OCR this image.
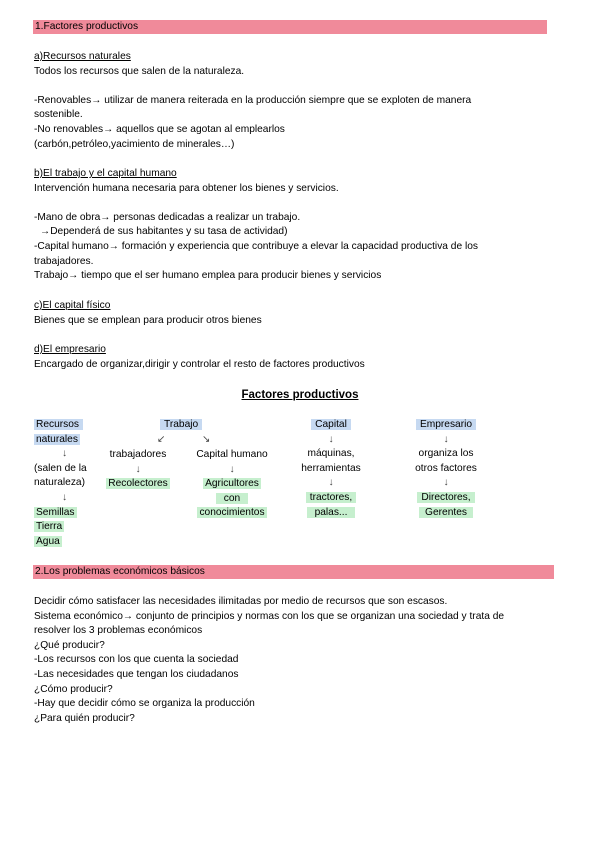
1.Factores productivos
a)Recursos naturales
Todos los recursos que salen de la naturaleza.
-Renovables→ utilizar de manera reiterada en la producción siempre que se exploten de manera
sostenible.
-No renovables→ aquellos que se agotan al emplearlos
(carbón,petróleo,yacimiento de minerales…)
b)El trabajo y el capital humano
Intervención humana necesaria para obtener los bienes y servicios.
-Mano de obra→ personas dedicadas a realizar un trabajo.
→Dependerá de sus habitantes y su tasa de actividad)
-Capital humano→ formación y experiencia que contribuye a elevar la capacidad productiva de los
trabajadores.
Trabajo→ tiempo que el ser humano emplea para producir bienes y servicios
c)El capital físico
Bienes que se emplean para producir otros bienes
d)El empresario
Encargado de organizar,dirigir y controlar el resto de factores productivos
Factores productivos
Recursos
naturales
↓
(salen de la
naturaleza)
↓
Semillas
Tierra
Agua
Trabajo
↙	↘
trabajadores
↓
Recolectores
Capital humano
↓
Agricultores
con
conocimientos
Capital
↓
máquinas,
herramientas
↓
tractores,
palas...
Empresario
↓
organiza los
otros factores
↓
Directores,
Gerentes
2.Los problemas económicos básicos
Decidir cómo satisfacer las necesidades ilimitadas por medio de recursos que son escasos.
Sistema económico→ conjunto de principios y normas con los que se organizan una sociedad y trata de
resolver los 3 problemas económicos
¿Qué producir?
-Los recursos con los que cuenta la sociedad
-Las necesidades que tengan los ciudadanos
¿Cómo producir?
-Hay que decidir cómo se organiza la producción
¿Para quién producir?
